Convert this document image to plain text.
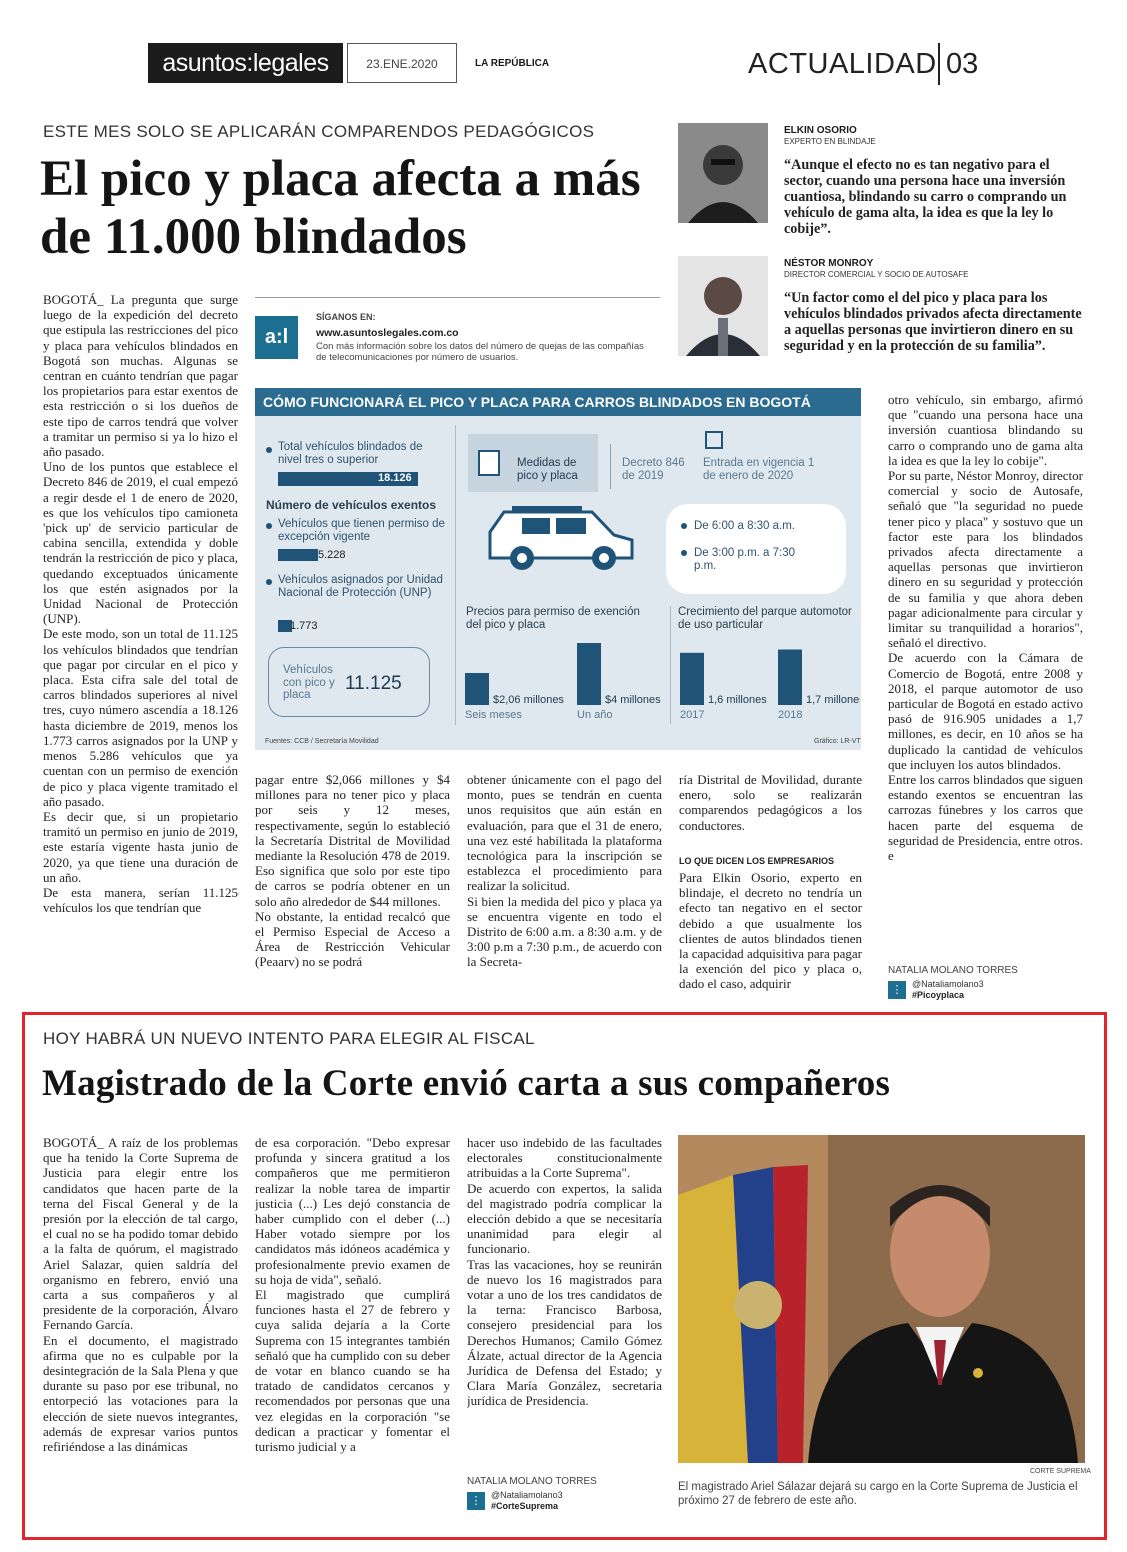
asuntos:legales	23.ENE.2020	LA REPÚBLICA	ACTUALIDAD 03
ESTE MES SOLO SE APLICARÁN COMPARENDOS PEDAGÓGICOS
El pico y placa afecta a más de 11.000 blindados
ELKIN OSORIO
EXPERTO EN BLINDAJE
“Aunque el efecto no es tan negativo para el sector, cuando una persona hace una inversión cuantiosa, blindando su carro o comprando un vehículo de gama alta, la idea es que la ley lo cobije”.
NÉSTOR MONROY
DIRECTOR COMERCIAL Y SOCIO DE AUTOSAFE
“Un factor como el del pico y placa para los vehículos blindados privados afecta directamente a aquellas personas que invirtieron dinero en su seguridad y en la protección de su familia”.
a:l
SÍGANOS EN:
www.asuntoslegales.com.co
Con más información sobre los datos del número de quejas de las compañías de telecomunicaciones por número de usuarios.
BOGOTÁ_ La pregunta que surge luego de la expedición del decreto que estipula las restricciones del pico y placa para vehículos blindados en Bogotá son muchas. Algunas se centran en cuánto tendrían que pagar los propietarios para estar exentos de esta restricción o si los dueños de este tipo de carros tendrá que volver a tramitar un permiso si ya lo hizo el año pasado.
Uno de los puntos que establece el Decreto 846 de 2019, el cual empezó a regir desde el 1 de enero de 2020, es que los vehículos tipo camioneta 'pick up' de servicio particular de cabina sencilla, extendida y doble tendrán la restricción de pico y placa, quedando exceptuados únicamente los que estén asignados por la Unidad Nacional de Protección (UNP).
De este modo, son un total de 11.125 los vehículos blindados que tendrían que pagar por circular en el pico y placa. Esta cifra sale del total de carros blindados superiores al nivel tres, cuyo número ascendía a 18.126 hasta diciembre de 2019, menos los 1.773 carros asignados por la UNP y menos 5.286 vehículos que ya cuentan con un permiso de exención de pico y placa vigente tramitado el año pasado.
Es decir que, si un propietario tramitó un permiso en junio de 2019, este estaría vigente hasta junio de 2020, ya que tiene una duración de un año.
De esta manera, serían 11.125 vehículos los que tendrían que
pagar entre $2,066 millones y $4 millones para no tener pico y placa por seis y 12 meses, respectivamente, según lo estableció la Secretaría Distrital de Movilidad mediante la Resolución 478 de 2019. Eso significa que solo por este tipo de carros se podría obtener en un solo año alrededor de $44 millones.
No obstante, la entidad recalcó que el Permiso Especial de Acceso a Área de Restricción Vehicular (Peaarv) no se podrá
obtener únicamente con el pago del monto, pues se tendrán en cuenta unos requisitos que aún están en evaluación, para que el 31 de enero, una vez esté habilitada la plataforma tecnológica para la inscripción se establezca el procedimiento para realizar la solicitud.
Si bien la medida del pico y placa ya se encuentra vigente en todo el Distrito de 6:00 a.m. a 8:30 a.m. y de 3:00 p.m a 7:30 p.m., de acuerdo con la Secreta-
ría Distrital de Movilidad, durante enero, solo se realizarán comparendos pedagógicos a los conductores.
LO QUE DICEN LOS EMPRESARIOS
Para Elkin Osorio, experto en blindaje, el decreto no tendría un efecto tan negativo en el sector debido a que usualmente los clientes de autos blindados tienen la capacidad adquisitiva para pagar la exención del pico y placa o, dado el caso, adquirir
otro vehículo, sin embargo, afirmó que "cuando una persona hace una inversión cuantiosa blindando su carro o comprando uno de gama alta la idea es que la ley lo cobije".
Por su parte, Néstor Monroy, director comercial y socio de Autosafe, señaló que "la seguridad no puede tener pico y placa" y sostuvo que un factor este para los blindados privados afecta directamente a aquellas personas que invirtieron dinero en su seguridad y protección de su familia y que ahora deben pagar adicionalmente para circular y limitar su tranquilidad a horarios", señaló el directivo.
De acuerdo con la Cámara de Comercio de Bogotá, entre 2008 y 2018, el parque automotor de uso particular de Bogotá en estado activo pasó de 916.905 unidades a 1,7 millones, es decir, en 10 años se ha duplicado la cantidad de vehículos que incluyen los autos blindados.
Entre los carros blindados que siguen estando exentos se encuentran las carrozas fúnebres y los carros que hacen parte del esquema de seguridad de Presidencia, entre otros. e
NATALIA MOLANO TORRES
⋮	@Nataliamolano3
#Picoyplaca
CÓMO FUNCIONARÁ EL PICO Y PLACA PARA CARROS BLINDADOS EN BOGOTÁ
Total vehículos blindados de nivel tres o superior
18.126
Número de vehículos exentos
Vehículos que tienen permiso de excepción vigente
5.228
Vehículos asignados por Unidad Nacional de Protección (UNP)
1.773
Vehículos con pico y placa
11.125
Medidas de pico y placa
Decreto 846 de 2019
Entrada en vigencia 1 de enero de 2020
De 6:00 a 8:30 a.m.
De 3:00 p.m. a 7:30 p.m.
Precios para permiso de exención del pico y placa
Crecimiento del parque automotor de uso particular
$2,06 millones
Seis meses
$4 millones
Un año
1,6 millones
2017
1,7 millones
2018
Fuentes: CCB / Secretaría Movilidad	Gráfico: LR-VT
HOY HABRÁ UN NUEVO INTENTO PARA ELEGIR AL FISCAL
Magistrado de la Corte envió carta a sus compañeros
BOGOTÁ_ A raíz de los problemas que ha tenido la Corte Suprema de Justicia para elegir entre los candidatos que hacen parte de la terna del Fiscal General y de la presión por la elección de tal cargo, el cual no se ha podido tomar debido a la falta de quórum, el magistrado Ariel Salazar, quien saldría del organismo en febrero, envió una carta a sus compañeros y al presidente de la corporación, Álvaro Fernando García.
En el documento, el magistrado afirma que no es culpable por la desintegración de la Sala Plena y que durante su paso por ese tribunal, no entorpeció las votaciones para la elección de siete nuevos integrantes, además de expresar varios puntos refiriéndose a las dinámicas
de esa corporación. "Debo expresar profunda y sincera gratitud a los compañeros que me permitieron realizar la noble tarea de impartir justicia (...) Les dejó constancia de haber cumplido con el deber (...) Haber votado siempre por los candidatos más idóneos académica y profesionalmente previo examen de su hoja de vida", señaló.
El magistrado que cumplirá funciones hasta el 27 de febrero y cuya salida dejaría a la Corte Suprema con 15 integrantes también señaló que ha cumplido con su deber de votar en blanco cuando se ha tratado de candidatos cercanos y recomendados por personas que una vez elegidas en la corporación "se dedican a practicar y fomentar el turismo judicial y a
hacer uso indebido de las facultades electorales constitucionalmente atribuidas a la Corte Suprema".
De acuerdo con expertos, la salida del magistrado podría complicar la elección debido a que se necesitaría unanimidad para elegir al funcionario.
Tras las vacaciones, hoy se reunirán de nuevo los 16 magistrados para votar a uno de los tres candidatos de la terna: Francisco Barbosa, consejero presidencial para los Derechos Humanos; Camilo Gómez Álzate, actual director de la Agencia Jurídica de Defensa del Estado; y Clara María González, secretaria jurídica de Presidencia.
NATALIA MOLANO TORRES
⋮	@Nataliamolano3
#CorteSuprema
CORTE SUPREMA
El magistrado Ariel Sálazar dejará su cargo en la Corte Suprema de Justicia el próximo 27 de febrero de este año.
